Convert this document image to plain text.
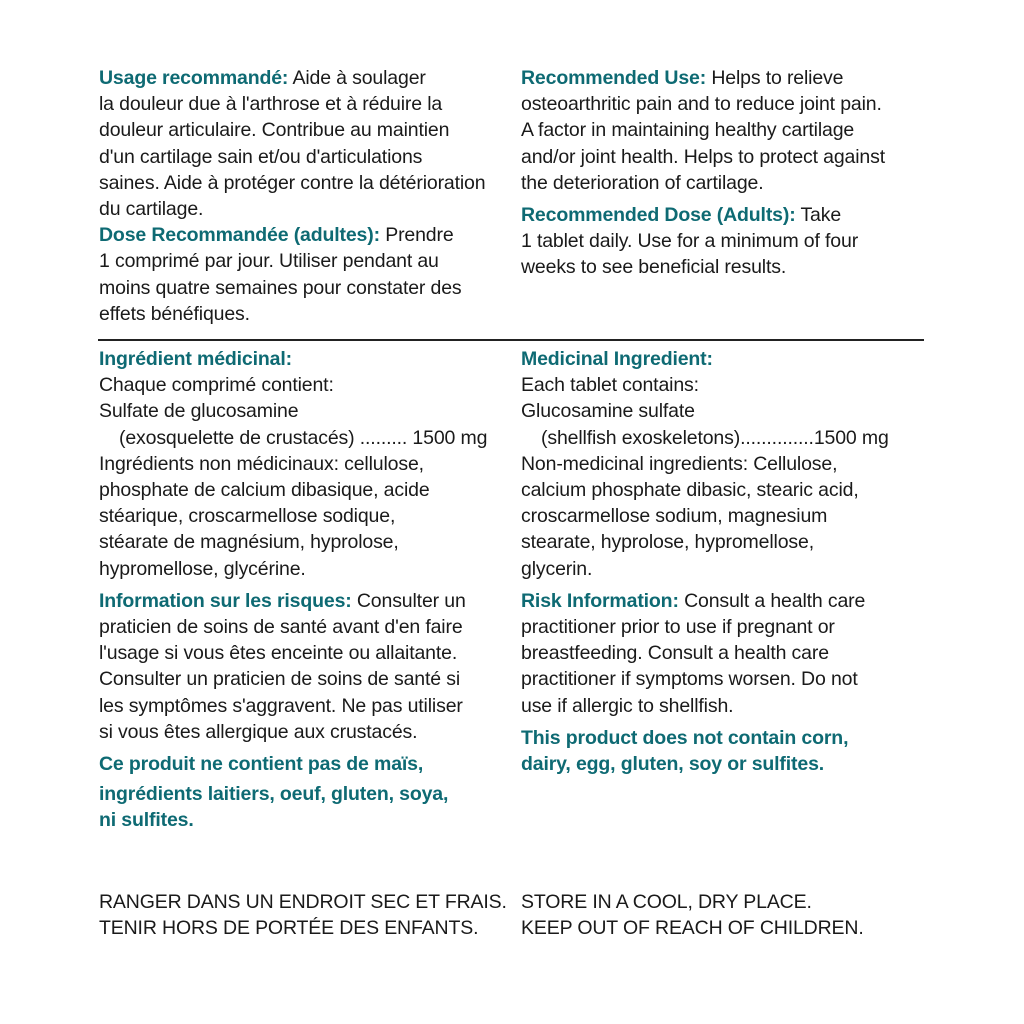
Usage recommandé: Aide à soulager

la douleur due à l'arthrose et à réduire la

douleur articulaire. Contribue au maintien

d'un cartilage sain et/ou d'articulations

saines. Aide à protéger contre la détérioration

du cartilage.

Dose Recommandée (adultes): Prendre

1 comprimé par jour. Utiliser pendant au

moins quatre semaines pour constater des

effets bénéfiques.

Recommended Use: Helps to relieve

osteoarthritic pain and to reduce joint pain.

A factor in maintaining healthy cartilage

and/or joint health. Helps to protect against

the deterioration of cartilage.

Recommended Dose (Adults): Take

1 tablet daily. Use for a minimum of four

weeks to see beneficial results.

Ingrédient médicinal:

Chaque comprimé contient:

Sulfate de glucosamine

(exosquelette de crustacés) ......... 1500 mg

Ingrédients non médicinaux: cellulose,

phosphate de calcium dibasique, acide

stéarique, croscarmellose sodique,

stéarate de magnésium, hyprolose,

hypromellose, glycérine.

Information sur les risques: Consulter un

praticien de soins de santé avant d'en faire

l'usage si vous êtes enceinte ou allaitante.

Consulter un praticien de soins de santé si

les symptômes s'aggravent. Ne pas utiliser

si vous êtes allergique aux crustacés.

Ce produit ne contient pas de maïs,

ingrédients laitiers, oeuf, gluten, soya,

ni sulfites.

Medicinal Ingredient:

Each tablet contains:

Glucosamine sulfate

(shellfish exoskeletons)..............1500 mg

Non-medicinal ingredients: Cellulose,

calcium phosphate dibasic, stearic acid,

croscarmellose sodium, magnesium

stearate, hyprolose, hypromellose,

glycerin.

Risk Information: Consult a health care

practitioner prior to use if pregnant or

breastfeeding. Consult a health care

practitioner if symptoms worsen. Do not

use if allergic to shellfish.

This product does not contain corn,

dairy, egg, gluten, soy or sulfites.

RANGER DANS UN ENDROIT SEC ET FRAIS.

TENIR HORS DE PORTÉE DES ENFANTS.

STORE IN A COOL, DRY PLACE.

KEEP OUT OF REACH OF CHILDREN.
